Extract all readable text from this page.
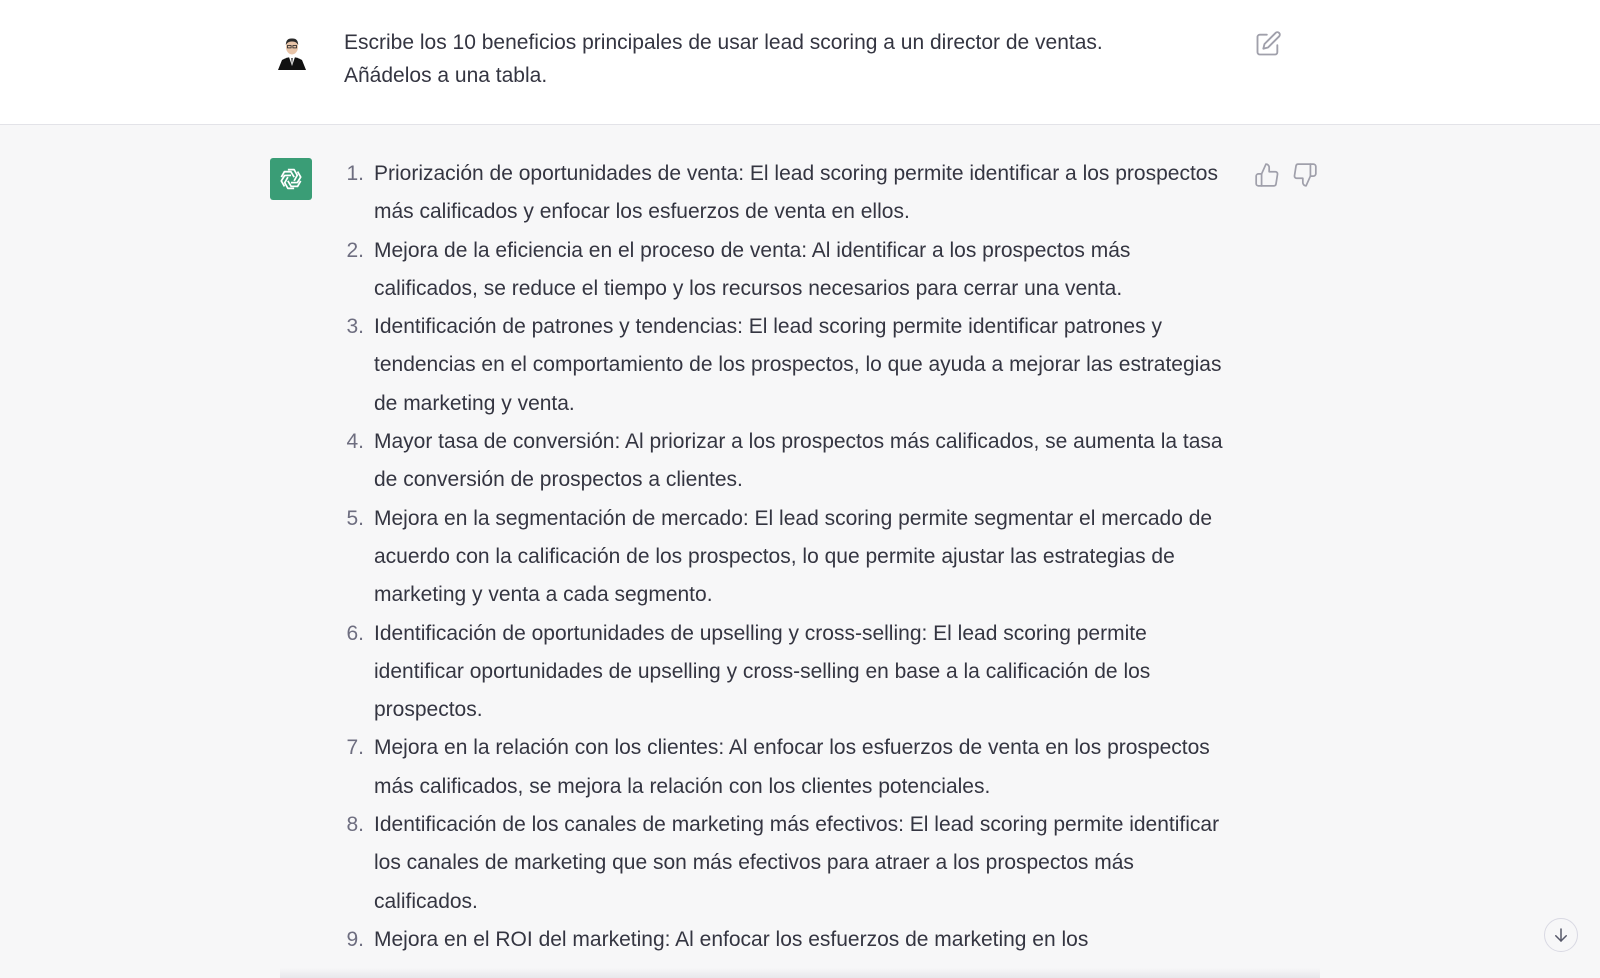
Escribe los 10 beneficios principales de usar lead scoring a un director de ventas.
Añádelos a una tabla.
1. Priorización de oportunidades de venta: El lead scoring permite identificar a los prospectos más calificados y enfocar los esfuerzos de venta en ellos.
2. Mejora de la eficiencia en el proceso de venta: Al identificar a los prospectos más calificados, se reduce el tiempo y los recursos necesarios para cerrar una venta.
3. Identificación de patrones y tendencias: El lead scoring permite identificar patrones y tendencias en el comportamiento de los prospectos, lo que ayuda a mejorar las estrategias de marketing y venta.
4. Mayor tasa de conversión: Al priorizar a los prospectos más calificados, se aumenta la tasa de conversión de prospectos a clientes.
5. Mejora en la segmentación de mercado: El lead scoring permite segmentar el mercado de acuerdo con la calificación de los prospectos, lo que permite ajustar las estrategias de marketing y venta a cada segmento.
6. Identificación de oportunidades de upselling y cross-selling: El lead scoring permite identificar oportunidades de upselling y cross-selling en base a la calificación de los prospectos.
7. Mejora en la relación con los clientes: Al enfocar los esfuerzos de venta en los prospectos más calificados, se mejora la relación con los clientes potenciales.
8. Identificación de los canales de marketing más efectivos: El lead scoring permite identificar los canales de marketing que son más efectivos para atraer a los prospectos más calificados.
9. Mejora en el ROI del marketing: Al enfocar los esfuerzos de marketing en los
